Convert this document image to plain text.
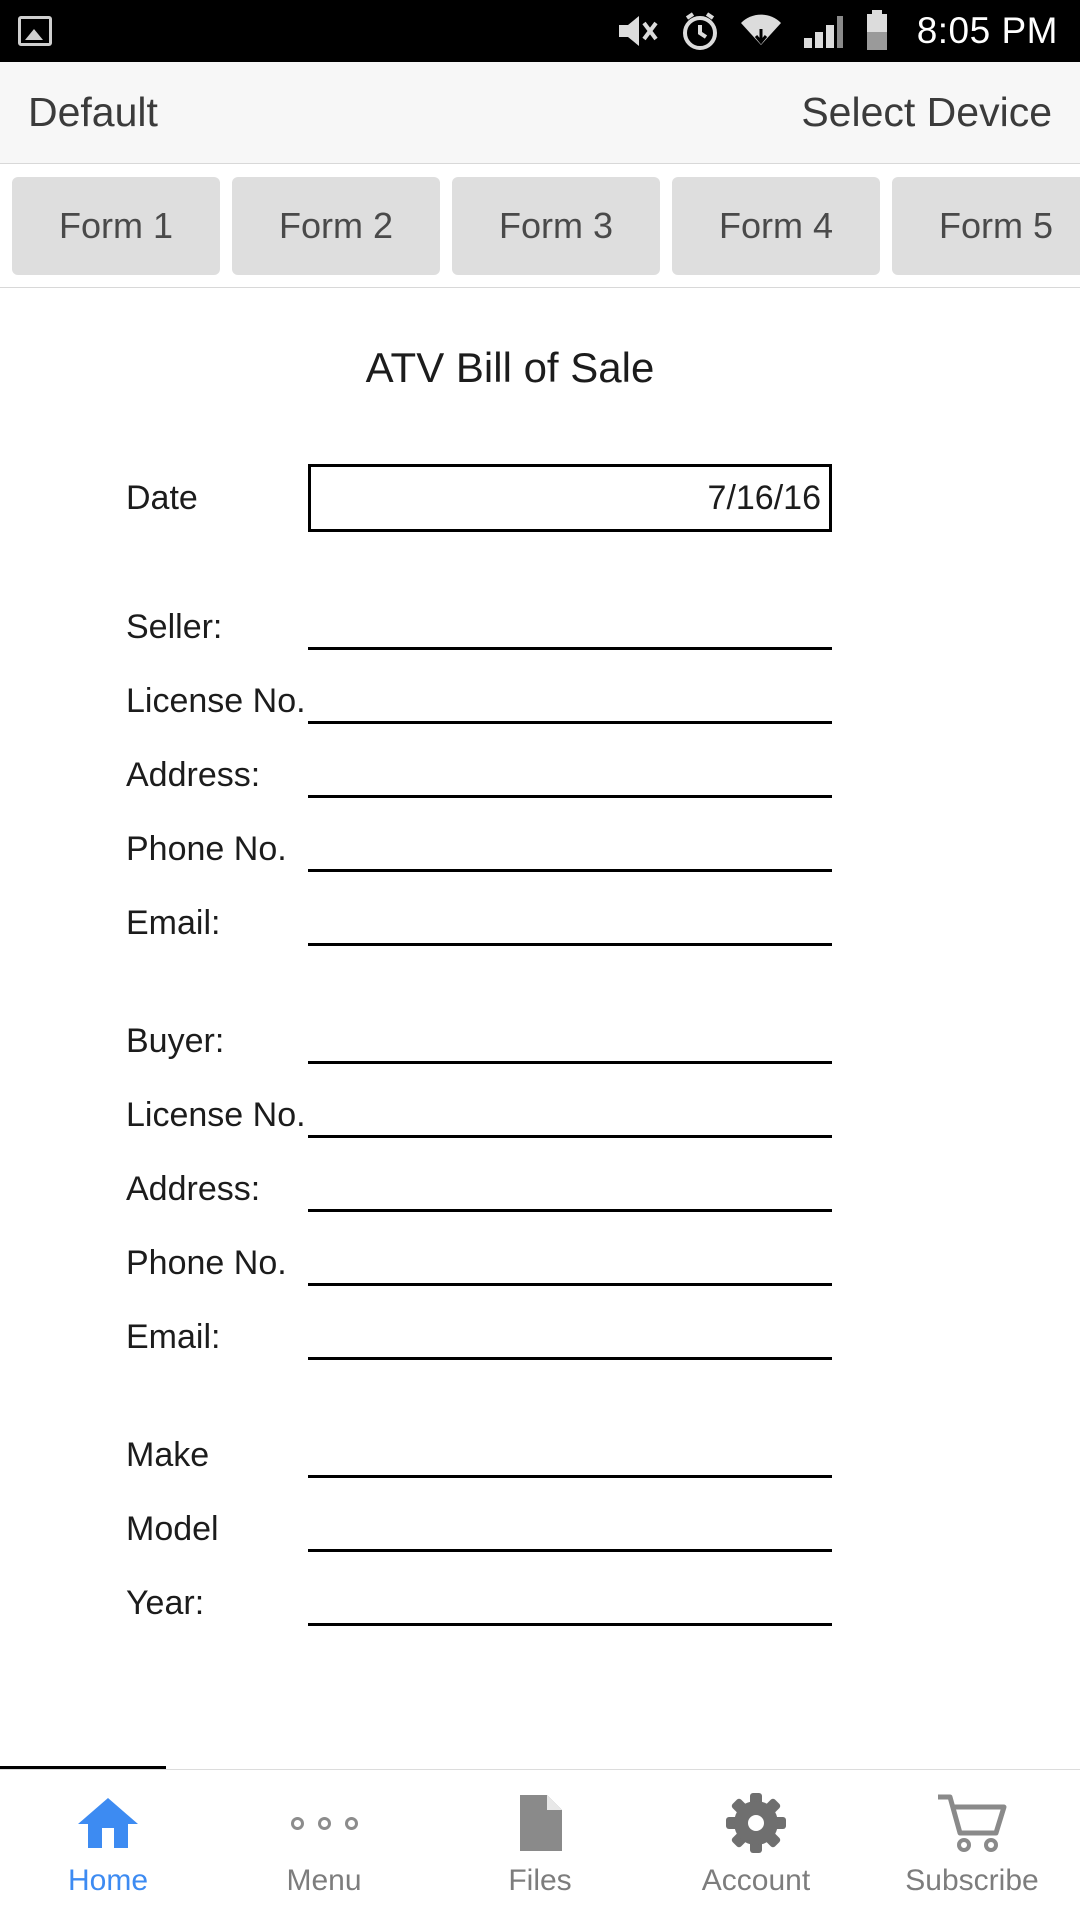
8:05 PM
Default	Select Device
Form 1	Form 2	Form 3	Form 4	Form 5
ATV Bill of Sale
Date	7/16/16
Seller:
License No.
Address:
Phone No.
Email:
Buyer:
License No.
Address:
Phone No.
Email:
Make
Model
Year:
Home	Menu	Files	Account	Subscribe
